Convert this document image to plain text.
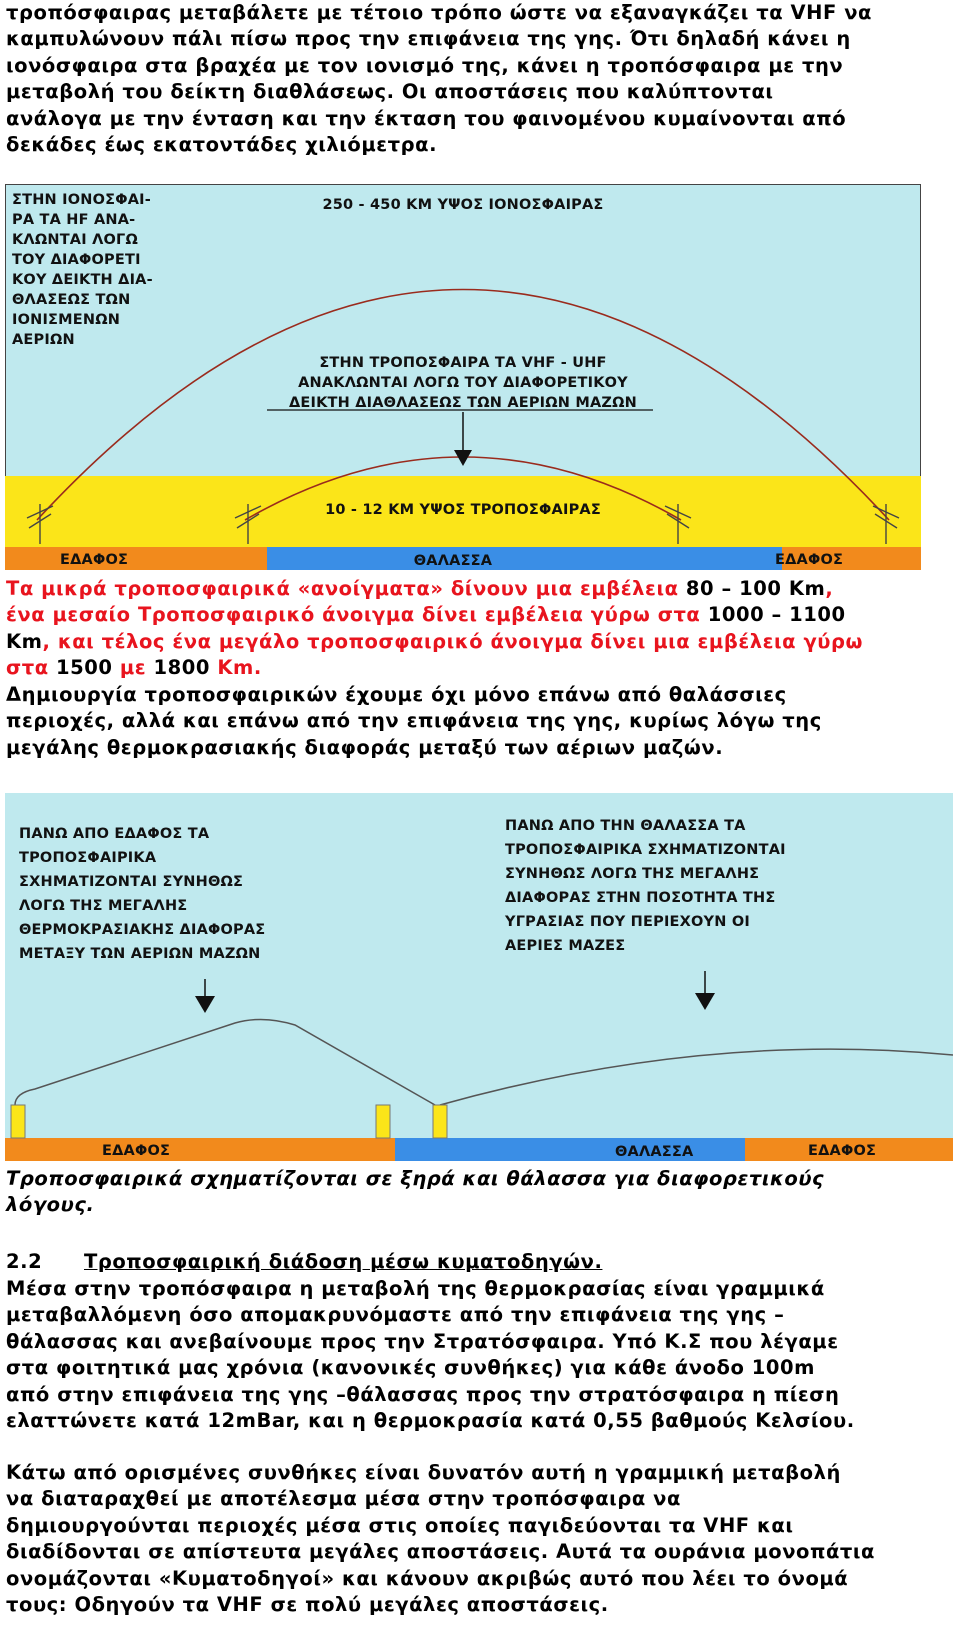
τροπόσφαιρας μεταβάλετε με τέτοιο τρόπο ώστε να εξαναγκάζει τα VHF να
καμπυλώνουν πάλι πίσω προς την επιφάνεια της γης. Ότι δηλαδή κάνει η
ιονόσφαιρα στα βραχέα με τον ιονισμό της, κάνει η τροπόσφαιρα με την
μεταβολή του δείκτη διαθλάσεως. Οι αποστάσεις που καλύπτονται
ανάλογα με την ένταση και την έκταση του φαινομένου κυμαίνονται από
δεκάδες έως εκατοντάδες χιλιόμετρα.
ΣΤΗΝ ΙΟΝΟΣΦΑΙ-
ΡΑ ΤΑ HF ΑΝΑ-
ΚΛΩΝΤΑΙ ΛΟΓΩ
ΤΟΥ ΔΙΑΦΟΡΕΤΙ
ΚΟΥ ΔΕΙΚΤΗ ΔΙΑ-
ΘΛΑΣΕΩΣ ΤΩΝ
ΙΟΝΙΣΜΕΝΩΝ
ΑΕΡΙΩΝ
250 - 450 ΚΜ ΥΨΟΣ ΙΟΝΟΣΦΑΙΡΑΣ
ΣΤΗΝ ΤΡΟΠΟΣΦΑΙΡΑ ΤΑ VHF - UHF
ΑΝΑΚΛΩΝΤΑΙ ΛΟΓΩ ΤΟΥ ΔΙΑΦΟΡΕΤΙΚΟΥ
ΔΕΙΚΤΗ ΔΙΑΘΛΑΣΕΩΣ ΤΩΝ ΑΕΡΙΩΝ ΜΑΖΩΝ
10 - 12 ΚΜ ΥΨΟΣ ΤΡΟΠΟΣΦΑΙΡΑΣ
ΕΔΑΦΟΣ	ΘΑΛΑΣΣΑ	ΕΔΑΦΟΣ
Τα μικρά τροποσφαιρικά «ανοίγματα» δίνουν μια εμβέλεια 80 – 100 Km,
ένα μεσαίο Τροποσφαιρικό άνοιγμα δίνει εμβέλεια γύρω στα 1000 – 1100
Km, και τέλος ένα μεγάλο τροποσφαιρικό άνοιγμα δίνει μια εμβέλεια γύρω
στα 1500 με 1800 Km.
Δημιουργία τροποσφαιρικών έχουμε όχι μόνο επάνω από θαλάσσιες
περιοχές, αλλά και επάνω από την επιφάνεια της γης, κυρίως λόγω της
μεγάλης θερμοκρασιακής διαφοράς μεταξύ των αέριων μαζών.
ΠΑΝΩ ΑΠΟ ΕΔΑΦΟΣ ΤΑ
ΤΡΟΠΟΣΦΑΙΡΙΚΑ
ΣΧΗΜΑΤΙΖΟΝΤΑΙ ΣΥΝΗΘΩΣ
ΛΟΓΩ ΤΗΣ ΜΕΓΑΛΗΣ
ΘΕΡΜΟΚΡΑΣΙΑΚΗΣ ΔΙΑΦΟΡΑΣ
ΜΕΤΑΞΥ ΤΩΝ ΑΕΡΙΩΝ ΜΑΖΩΝ
ΠΑΝΩ ΑΠΟ ΤΗΝ ΘΑΛΑΣΣΑ ΤΑ
ΤΡΟΠΟΣΦΑΙΡΙΚΑ ΣΧΗΜΑΤΙΖΟΝΤΑΙ
ΣΥΝΗΘΩΣ ΛΟΓΩ ΤΗΣ ΜΕΓΑΛΗΣ
ΔΙΑΦΟΡΑΣ ΣΤΗΝ ΠΟΣΟΤΗΤΑ ΤΗΣ
ΥΓΡΑΣΙΑΣ ΠΟΥ ΠΕΡΙΕΧΟΥΝ ΟΙ
ΑΕΡΙΕΣ ΜΑΖΕΣ
ΕΔΑΦΟΣ	ΘΑΛΑΣΣΑ	ΕΔΑΦΟΣ
Τροποσφαιρικά σχηματίζονται σε ξηρά και θάλασσα για διαφορετικούς
λόγους.
2.2 Τροποσφαιρική διάδοση μέσω κυματοδηγών.
Μέσα στην τροπόσφαιρα η μεταβολή της θερμοκρασίας είναι γραμμικά
μεταβαλλόμενη όσο απομακρυνόμαστε από την επιφάνεια της γης –
θάλασσας και ανεβαίνουμε προς την Στρατόσφαιρα. Υπό Κ.Σ που λέγαμε
στα φοιτητικά μας χρόνια (κανονικές συνθήκες) για κάθε άνοδο 100m
από στην επιφάνεια της γης –θάλασσας προς την στρατόσφαιρα η πίεση
ελαττώνετε κατά 12mBar, και η θερμοκρασία κατά 0,55 βαθμούς Κελσίου.
Κάτω από ορισμένες συνθήκες είναι δυνατόν αυτή η γραμμική μεταβολή
να διαταραχθεί με αποτέλεσμα μέσα στην τροπόσφαιρα να
δημιουργούνται περιοχές μέσα στις οποίες παγιδεύονται τα VHF και
διαδίδονται σε απίστευτα μεγάλες αποστάσεις. Αυτά τα ουράνια μονοπάτια
ονομάζονται «Κυματοδηγοί» και κάνουν ακριβώς αυτό που λέει το όνομά
τους: Οδηγούν τα VHF σε πολύ μεγάλες αποστάσεις.
